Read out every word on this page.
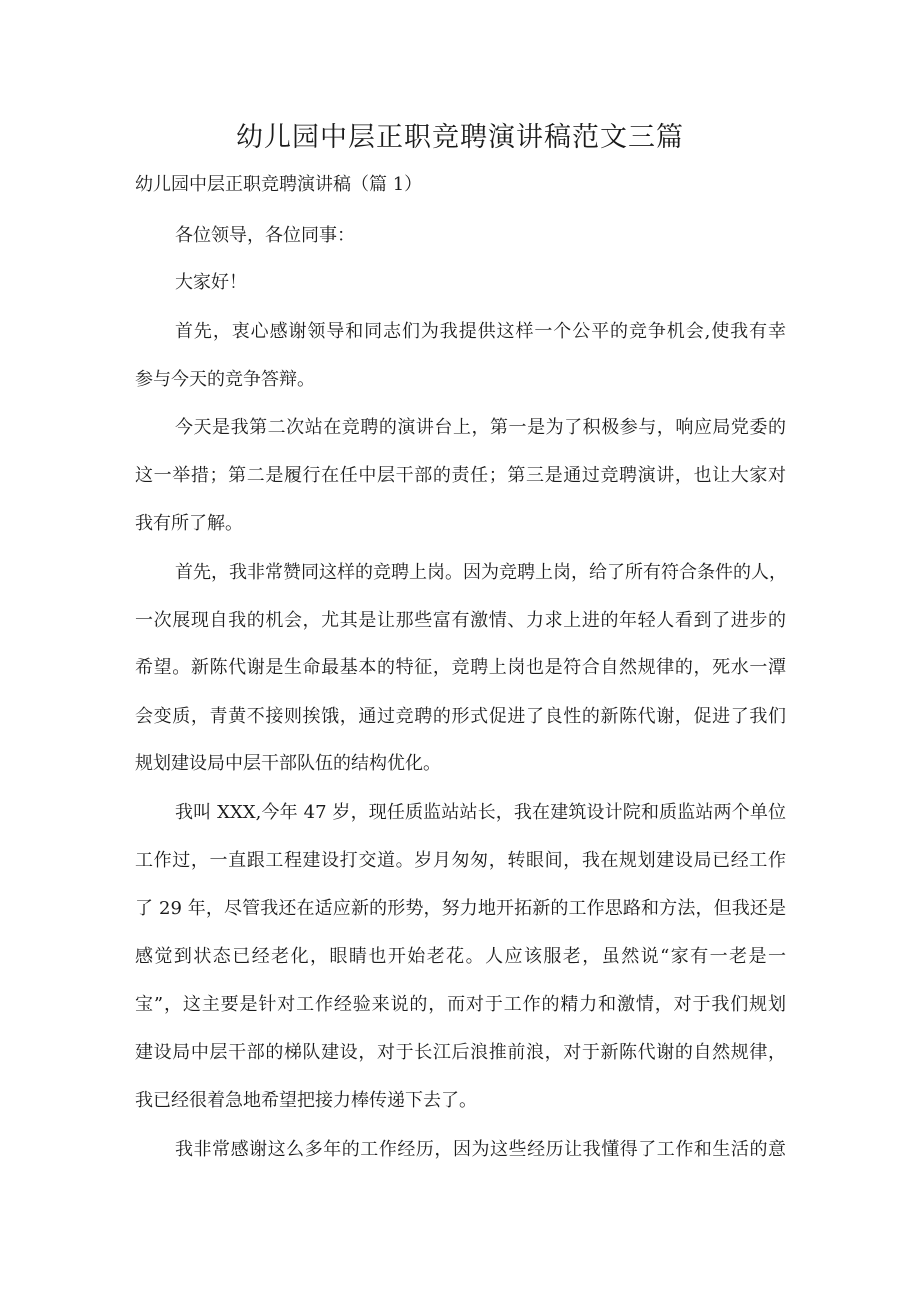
幼儿园中层正职竞聘演讲稿范文三篇
幼儿园中层正职竞聘演讲稿（篇 1）
各位领导，各位同事：
大家好！
首先，衷心感谢领导和同志们为我提供这样一个公平的竞争机会,使我有幸
参与今天的竞争答辩。
今天是我第二次站在竞聘的演讲台上，第一是为了积极参与，响应局党委的
这一举措；第二是履行在任中层干部的责任；第三是通过竞聘演讲，也让大家对
我有所了解。
首先，我非常赞同这样的竞聘上岗。因为竞聘上岗，给了所有符合条件的人，
一次展现自我的机会，尤其是让那些富有激情、力求上进的年轻人看到了进步的
希望。新陈代谢是生命最基本的特征，竞聘上岗也是符合自然规律的，死水一潭
会变质，青黄不接则挨饿，通过竞聘的形式促进了良性的新陈代谢，促进了我们
规划建设局中层干部队伍的结构优化。
我叫 XXX,今年 47 岁，现任质监站站长，我在建筑设计院和质监站两个单位
工作过，一直跟工程建设打交道。岁月匆匆，转眼间，我在规划建设局已经工作
了 29 年，尽管我还在适应新的形势，努力地开拓新的工作思路和方法，但我还是
感觉到状态已经老化，眼睛也开始老花。人应该服老，虽然说“家有一老是一
宝”，这主要是针对工作经验来说的，而对于工作的精力和激情，对于我们规划
建设局中层干部的梯队建设，对于长江后浪推前浪，对于新陈代谢的自然规律，
我已经很着急地希望把接力棒传递下去了。
我非常感谢这么多年的工作经历，因为这些经历让我懂得了工作和生活的意
